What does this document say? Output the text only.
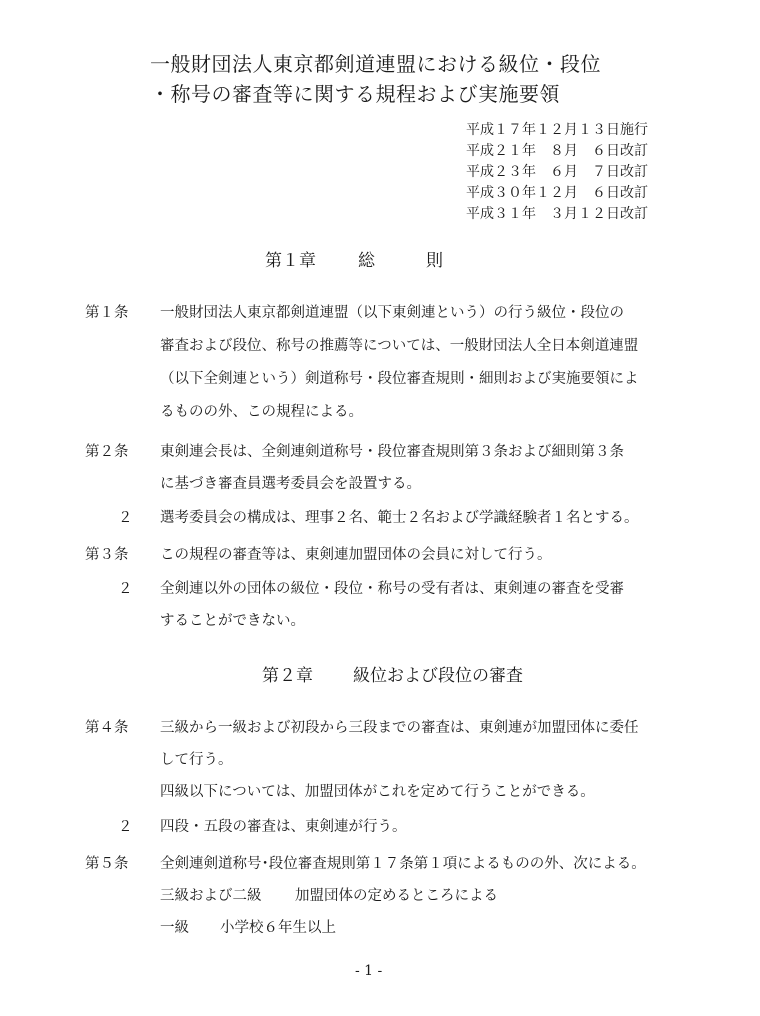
一般財団法人東京都剣道連盟における級位・段位
・称号の審査等に関する規程および実施要領
平成１７年１２月１３日施行
平成２１年　８月　６日改訂
平成２３年　６月　７日改訂
平成３０年１２月　６日改訂
平成３１年　３月１２日改訂
第１章 総　　　則
第１条 一般財団法人東京都剣道連盟（以下東剣連という）の行う級位・段位の
審査および段位、称号の推薦等については、一般財団法人全日本剣道連盟
（以下全剣連という）剣道称号・段位審査規則・細則および実施要領によ
るものの外、この規程による。
第２条 東剣連会長は、全剣連剣道称号・段位審査規則第３条および細則第３条
に基づき審査員選考委員会を設置する。
２ 選考委員会の構成は、理事２名、範士２名および学識経験者１名とする。
第３条 この規程の審査等は、東剣連加盟団体の会員に対して行う。
２ 全剣連以外の団体の級位・段位・称号の受有者は、東剣連の審査を受審
することができない。
第２章 級位および段位の審査
第４条 三級から一級および初段から三段までの審査は、東剣連が加盟団体に委任
して行う。
四級以下については、加盟団体がこれを定めて行うことができる。
２ 四段・五段の審査は、東剣連が行う。
第５条 全剣連剣道称号･段位審査規則第１７条第１項によるものの外、次による。
三級および二級 加盟団体の定めるところによる
一級 小学校６年生以上
- 1 -
